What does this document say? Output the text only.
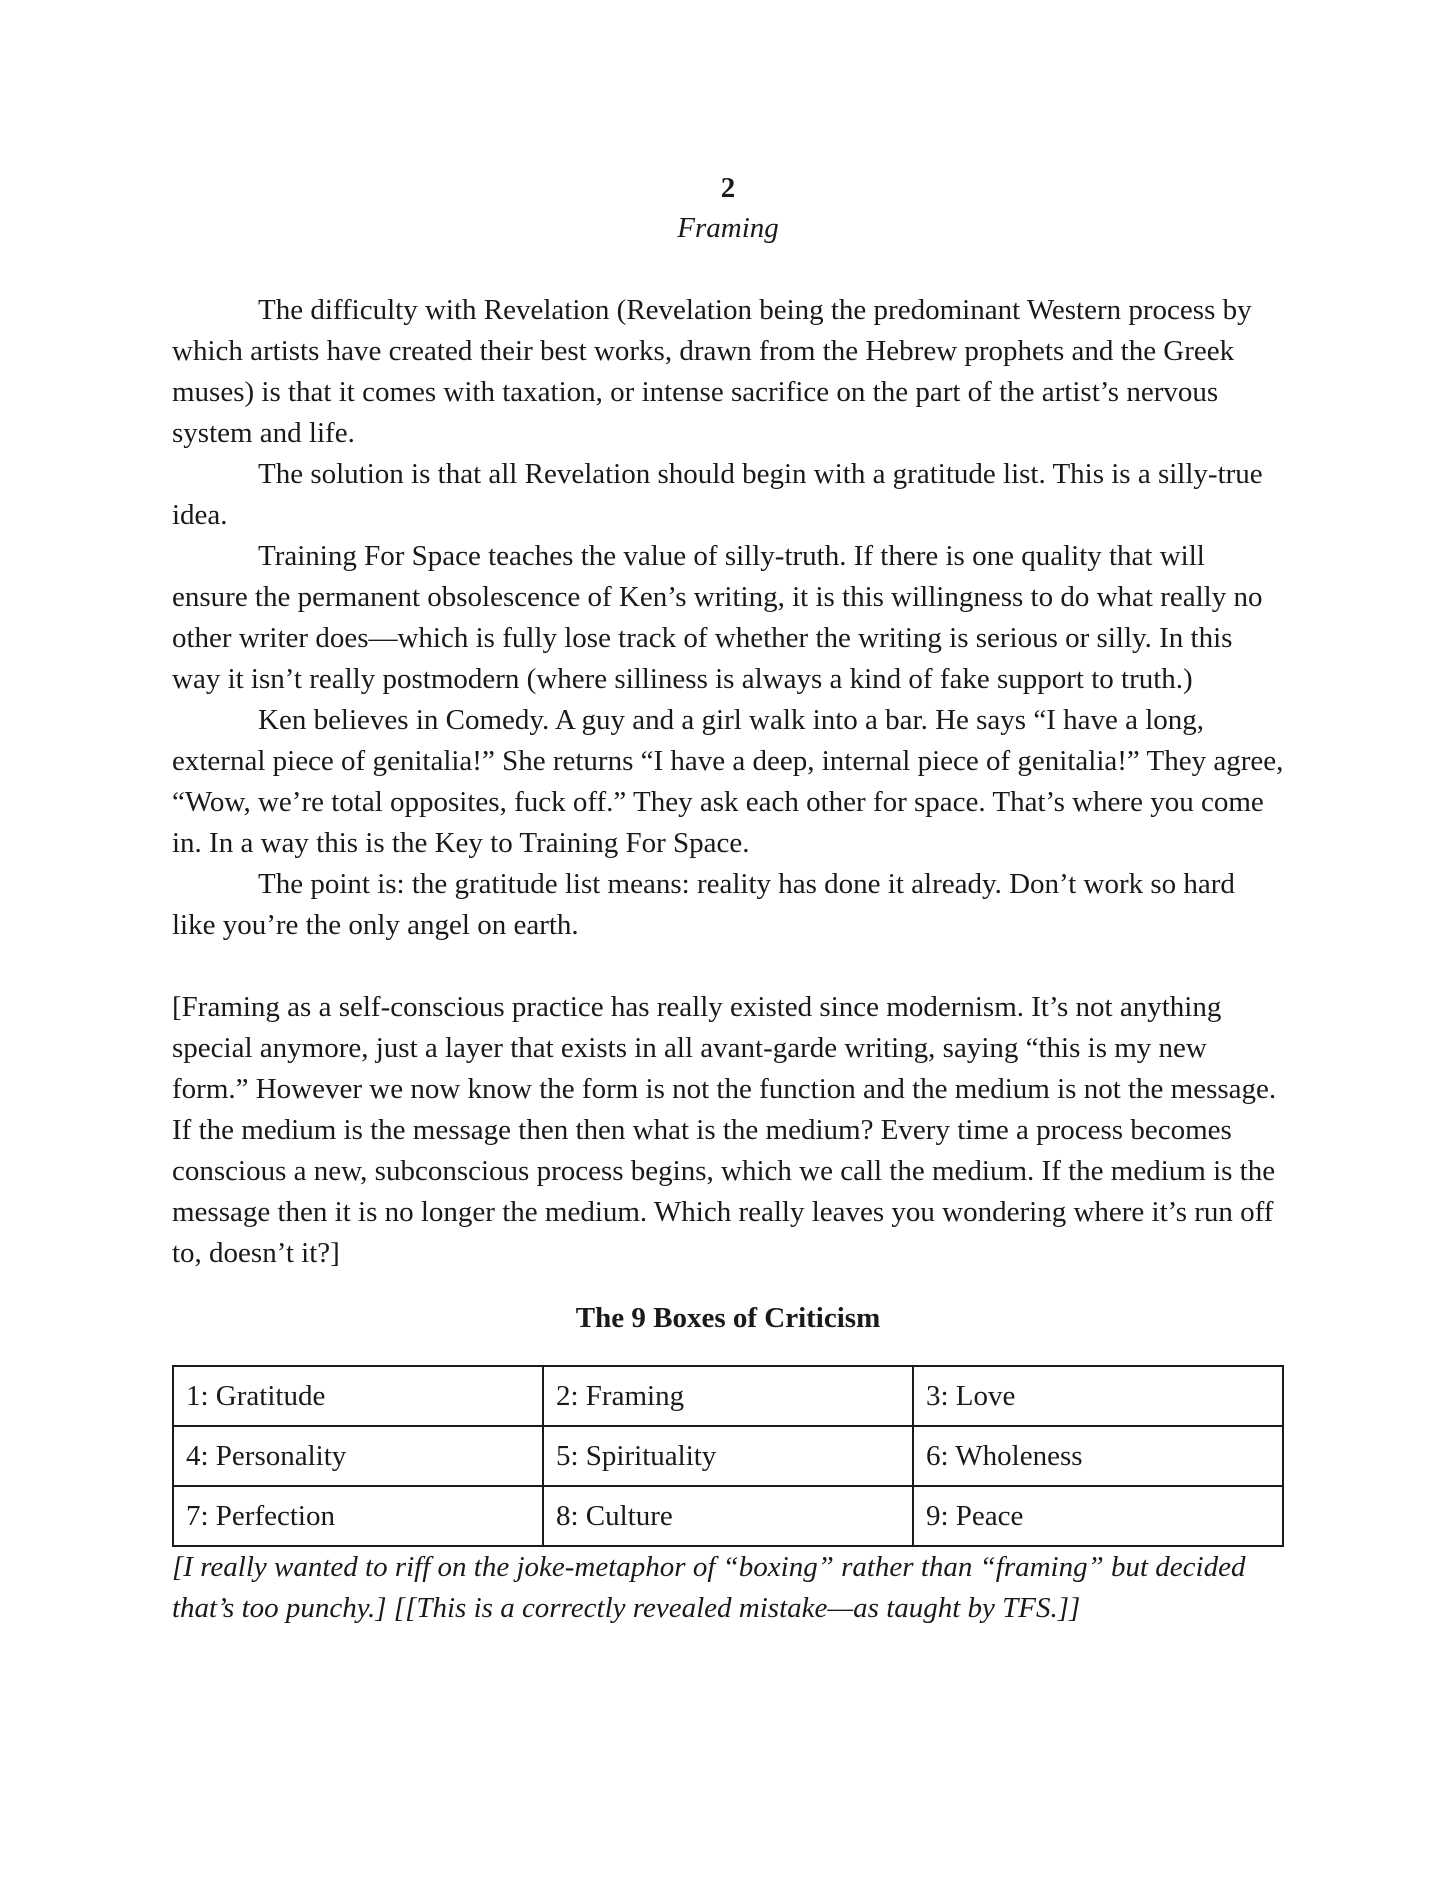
2

Framing

The difficulty with Revelation (Revelation being the predominant Western process by which artists have created their best works, drawn from the Hebrew prophets and the Greek muses) is that it comes with taxation, or intense sacrifice on the part of the artist’s nervous system and life.

The solution is that all Revelation should begin with a gratitude list. This is a silly-true idea.

Training For Space teaches the value of silly-truth. If there is one quality that will ensure the permanent obsolescence of Ken’s writing, it is this willingness to do what really no other writer does—which is fully lose track of whether the writing is serious or silly. In this way it isn’t really postmodern (where silliness is always a kind of fake support to truth.)

Ken believes in Comedy. A guy and a girl walk into a bar. He says “I have a long, external piece of genitalia!” She returns “I have a deep, internal piece of genitalia!” They agree, “Wow, we’re total opposites, fuck off.” They ask each other for space. That’s where you come in. In a way this is the Key to Training For Space.

The point is: the gratitude list means: reality has done it already. Don’t work so hard like you’re the only angel on earth.

[Framing as a self-conscious practice has really existed since modernism. It’s not anything special anymore, just a layer that exists in all avant-garde writing, saying “this is my new form.” However we now know the form is not the function and the medium is not the message. If the medium is the message then then what is the medium? Every time a process becomes conscious a new, subconscious process begins, which we call the medium. If the medium is the message then it is no longer the medium. Which really leaves you wondering where it’s run off to, doesn’t it?]

The 9 Boxes of Criticism

1: Gratitude	2: Framing	3: Love
4: Personality	5: Spirituality	6: Wholeness
7: Perfection	8: Culture	9: Peace

[I really wanted to riff on the joke-metaphor of “boxing” rather than “framing” but decided that’s too punchy.] [[This is a correctly revealed mistake—as taught by TFS.]]
